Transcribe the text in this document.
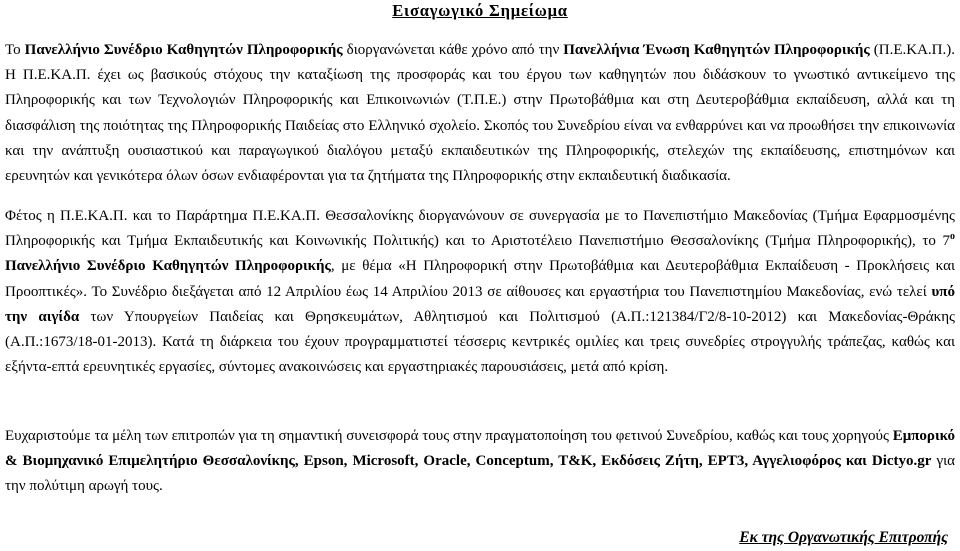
Εισαγωγικό Σημείωμα

Το Πανελλήνιο Συνέδριο Καθηγητών Πληροφορικής διοργανώνεται κάθε χρόνο από την Πανελλήνια Ένωση Καθηγητών Πληροφορικής (Π.Ε.ΚΑ.Π.). Η Π.Ε.ΚΑ.Π. έχει ως βασικούς στόχους την καταξίωση της προσφοράς και του έργου των καθηγητών που διδάσκουν το γνωστικό αντικείμενο της Πληροφορικής και των Τεχνολογιών Πληροφορικής και Επικοινωνιών (Τ.Π.Ε.) στην Πρωτοβάθμια και στη Δευτεροβάθμια εκπαίδευση, αλλά και τη διασφάλιση της ποιότητας της Πληροφορικής Παιδείας στο Ελληνικό σχολείο. Σκοπός του Συνεδρίου είναι να ενθαρρύνει και να προωθήσει την επικοινωνία και την ανάπτυξη ουσιαστικού και παραγωγικού διαλόγου μεταξύ εκπαιδευτικών της Πληροφορικής, στελεχών της εκπαίδευσης, επιστημόνων και ερευνητών και γενικότερα όλων όσων ενδιαφέρονται για τα ζητήματα της Πληροφορικής στην εκπαιδευτική διαδικασία.

Φέτος η Π.Ε.ΚΑ.Π. και το Παράρτημα Π.Ε.ΚΑ.Π. Θεσσαλονίκης διοργανώνουν σε συνεργασία με το Πανεπιστήμιο Μακεδονίας (Τμήμα Εφαρμοσμένης Πληροφορικής και Τμήμα Εκπαιδευτικής και Κοινωνικής Πολιτικής) και το Αριστοτέλειο Πανεπιστήμιο Θεσσαλονίκης (Τμήμα Πληροφορικής), το $7^o$ Πανελλήνιο Συνέδριο Καθηγητών Πληροφορικής, με θέμα «Η Πληροφορική στην Πρωτοβάθμια και Δευτεροβάθμια Εκπαίδευση - Προκλήσεις και Προοπτικές». Το Συνέδριο διεξάγεται από 12 Απριλίου έως 14 Απριλίου 2013 σε αίθουσες και εργαστήρια του Πανεπιστημίου Μακεδονίας, ενώ τελεί υπό την αιγίδα των Υπουργείων Παιδείας και Θρησκευμάτων, Αθλητισμού και Πολιτισμού (Α.Π.:121384/Γ2/8-10-2012) και Μακεδονίας-Θράκης (Α.Π.:1673/18-01-2013). Κατά τη διάρκεια του έχουν προγραμματιστεί τέσσερις κεντρικές ομιλίες και τρεις συνεδρίες στρογγυλής τράπεζας, καθώς και εξήντα-επτά ερευνητικές εργασίες, σύντομες ανακοινώσεις και εργαστηριακές παρουσιάσεις, μετά από κρίση.

Ευχαριστούμε τα μέλη των επιτροπών για τη σημαντική συνεισφορά τους στην πραγματοποίηση του φετινού Συνεδρίου, καθώς και τους χορηγούς Εμπορικό & Βιομηχανικό Επιμελητήριο Θεσσαλονίκης, Epson, Microsoft, Oracle, Conceptum, T&K, Εκδόσεις Ζήτη, ΕΡΤ3, Αγγελιοφόρος και Dictyo.gr για την πολύτιμη αρωγή τους.

Εκ της Οργανωτικής Επιτροπής
